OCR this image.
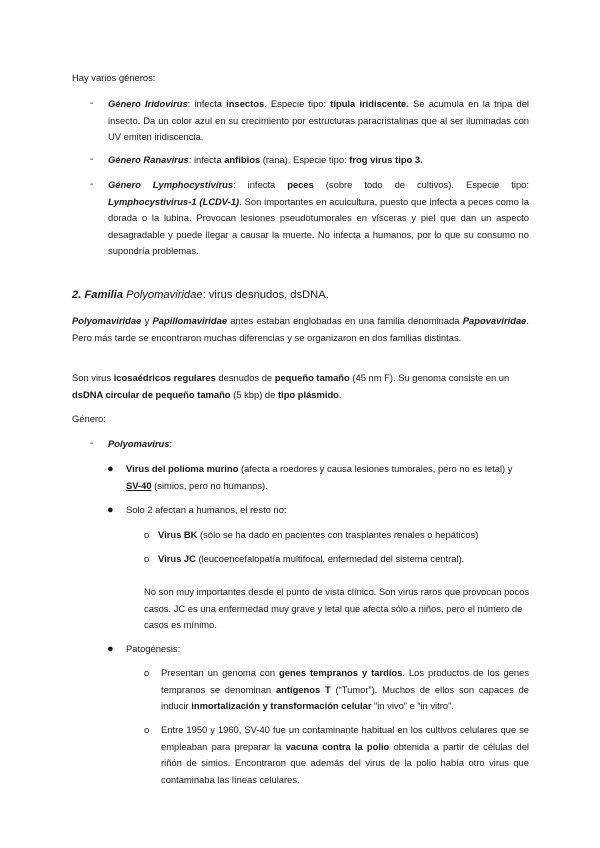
Hay varios géneros:

- Género Iridovirus: infecta insectos. Especie tipo: típula iridiscente. Se acumula en la tripa del insecto. Da un color azul en su crecimiento por estructuras paracristalinas que al ser iluminadas con UV emiten iridiscencia.

- Género Ranavirus: infecta anfibios (rana). Especie tipo: frog virus tipo 3.

- Género Lymphocystivirus: infecta peces (sobre todo de cultivos). Especie tipo: Lymphocystivirus-1 (LCDV-1). Son importantes en acuicultura, puesto que infecta a peces como la dorada o la lubina. Provocan lesiones pseudotumorales en vísceras y piel que dan un aspecto desagradable y puede llegar a causar la muerte. No infecta a humanos, por lo que su consumo no supondría problemas.

2. Familia Polyomaviridae: virus desnudos, dsDNA.

Polyomaviridae y Papillomaviridae antes estaban englobadas en una familia denominada Papovaviridae. Pero más tarde se encontraron muchas diferencias y se organizaron en dos familias distintas.

Son virus icosaédricos regulares desnudos de pequeño tamaño (45 nm F). Su genoma consiste en un dsDNA circular de pequeño tamaño (5 kbp) de tipo plásmido.

Género:

- Polyomavirus:

● Virus del polioma murino (afecta a roedores y causa lesiones tumorales, pero no es letal) y SV-40 (simios, pero no humanos).

● Solo 2 afectan a humanos, el resto no:

o Virus BK (sólo se ha dado en pacientes con trasplantes renales o hepáticos)

o Virus JC (leucoencefalopatía multifocal, enfermedad del sistema central).

No son muy importantes desde el punto de vista clínico. Son virus raros que provocan pocos casos. JC es una enfermedad muy grave y letal que afecta sólo a niños, pero el número de casos es mínimo.

● Patogénesis:

o Presentan un genoma con genes tempranos y tardíos. Los productos de los genes tempranos se denominan antígenos T (“Tumor”). Muchos de ellos son capaces de inducir inmortalización y transformación celular “in vivo” e “in vitro”.

o Entre 1950 y 1960, SV-40 fue un contaminante habitual en los cultivos celulares que se empleaban para preparar la vacuna contra la polio obtenida a partir de células del riñón de simios. Encontraron que además del virus de la polio había otro virus que contaminaba las líneas celulares.
